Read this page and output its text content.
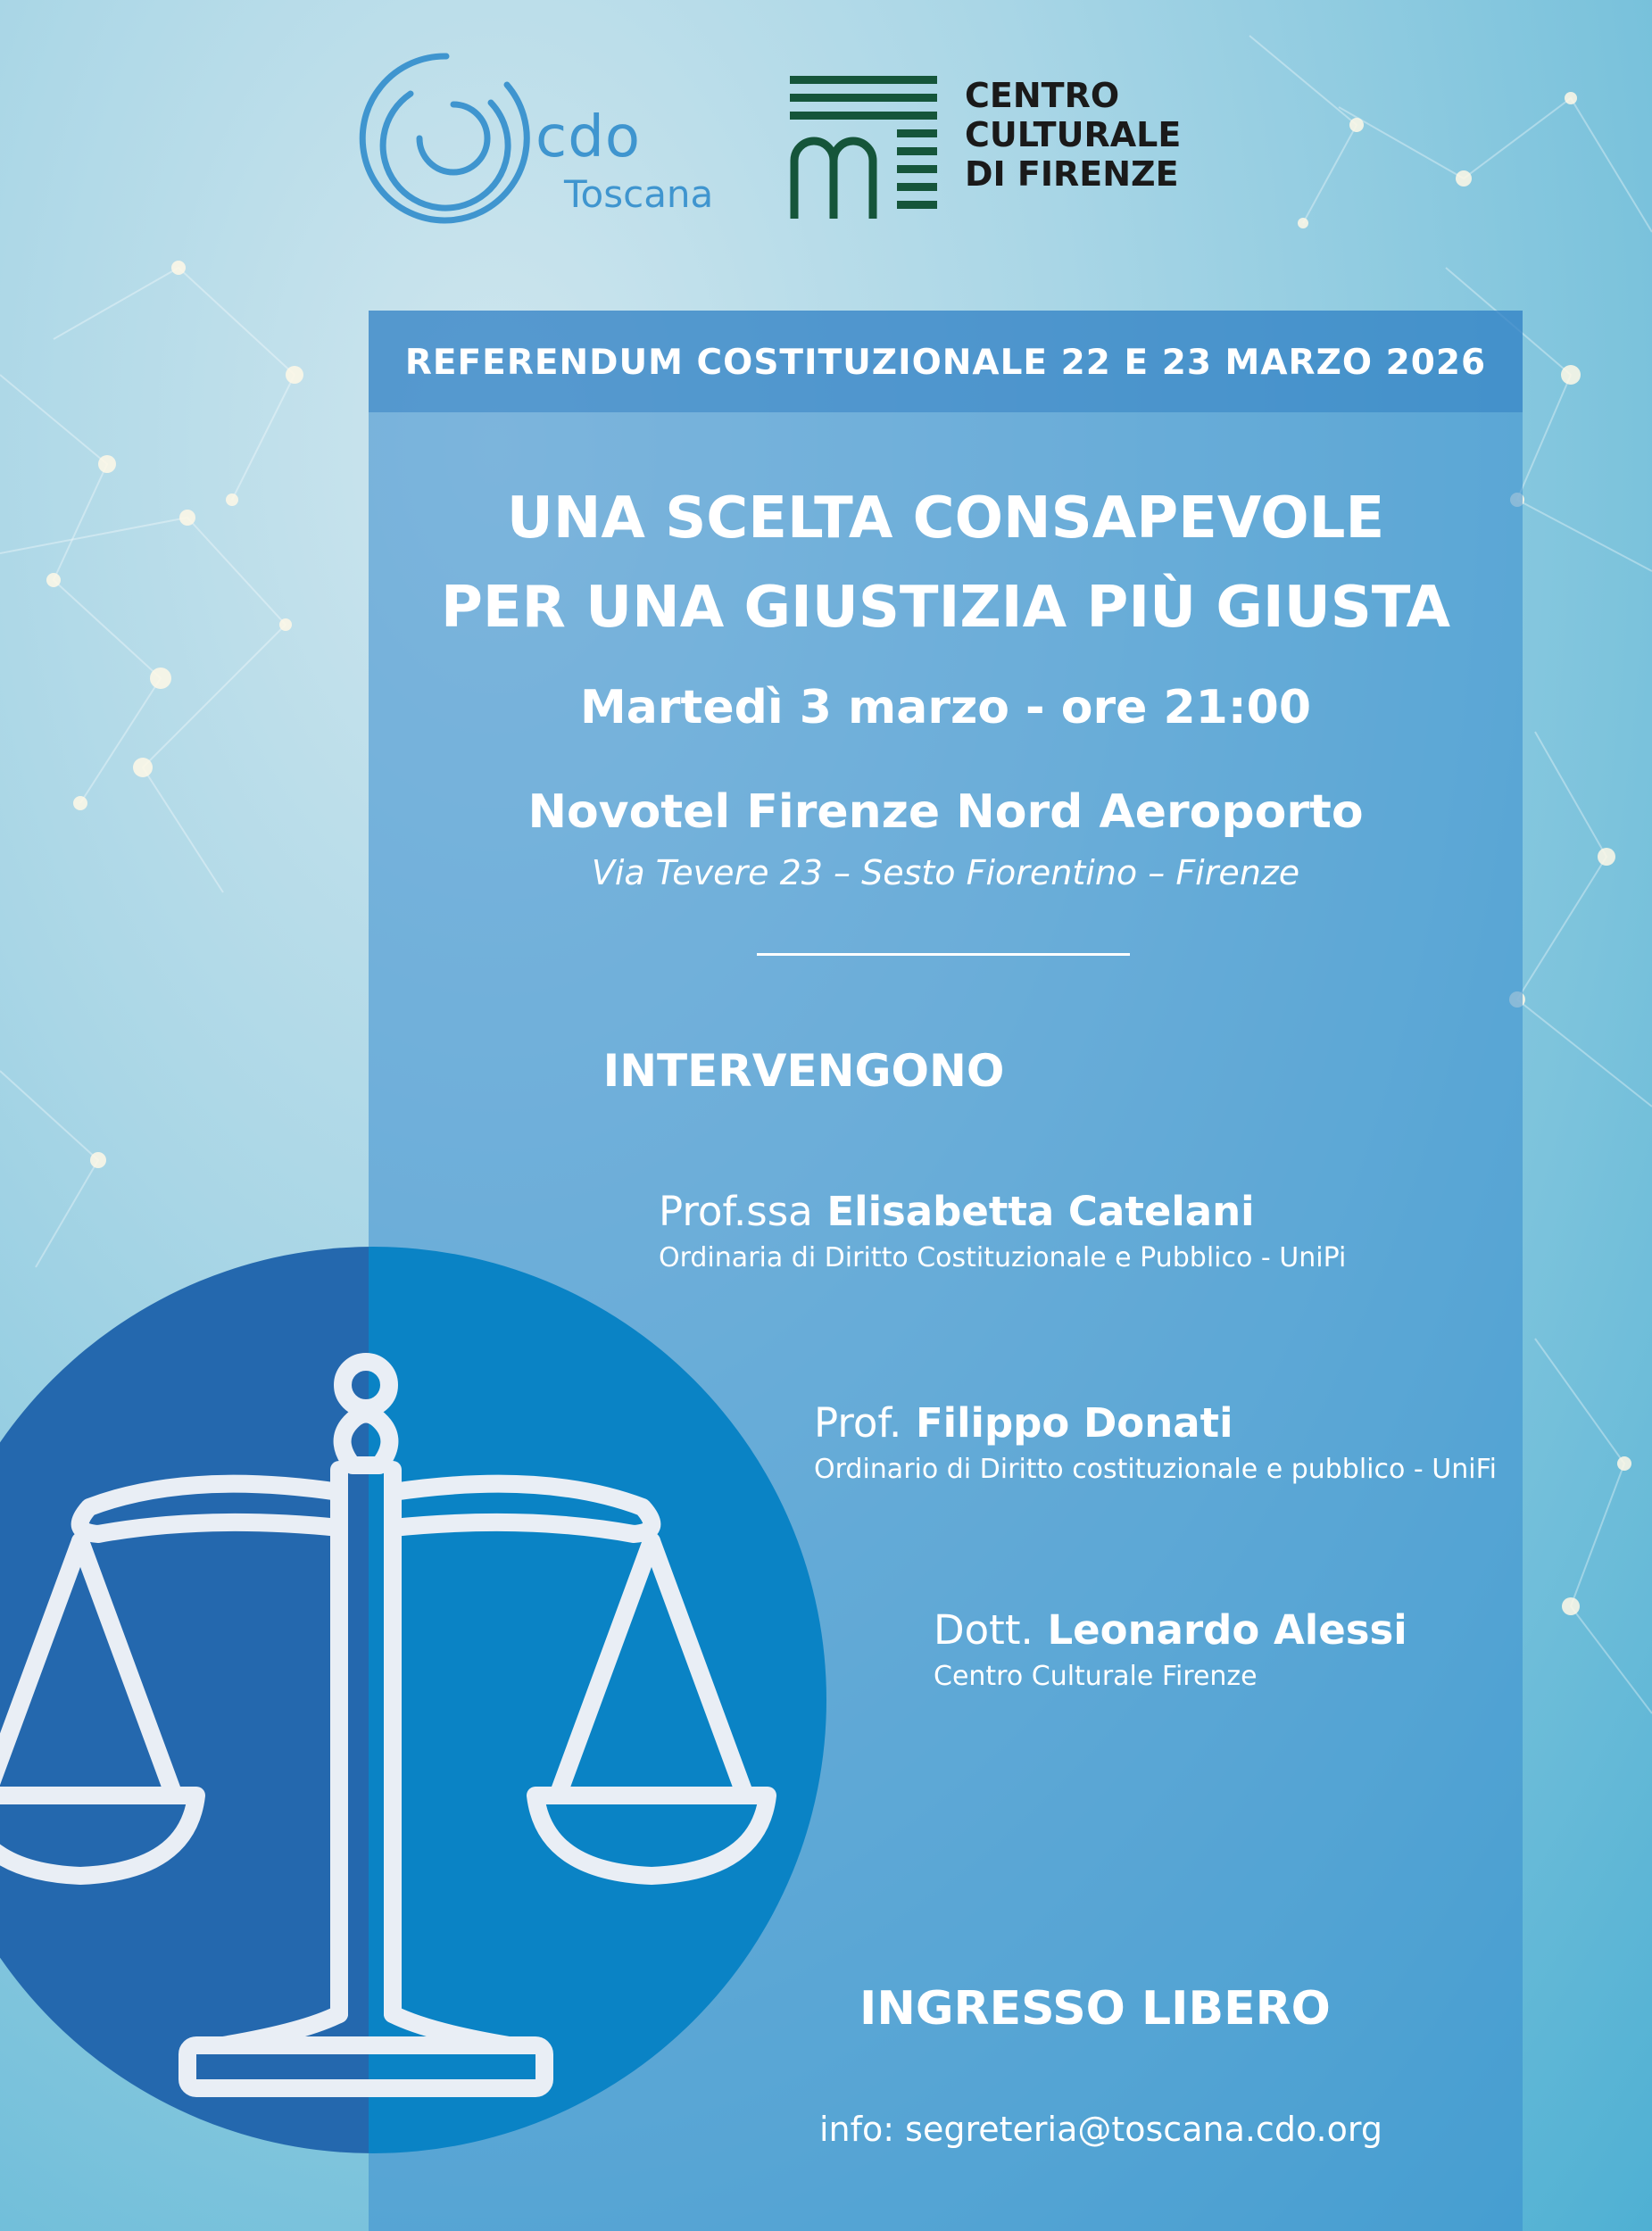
cdo
Toscana
CENTRO
CULTURALE
DI FIRENZE
REFERENDUM COSTITUZIONALE 22 E 23 MARZO 2026
UNA SCELTA CONSAPEVOLE
PER UNA GIUSTIZIA PIÙ GIUSTA
Martedì 3 marzo - ore 21:00
Novotel Firenze Nord Aeroporto
Via Tevere 23 – Sesto Fiorentino – Firenze
INTERVENGONO
Prof.ssa Elisabetta Catelani
Ordinaria di Diritto Costituzionale e Pubblico - UniPi
Prof. Filippo Donati
Ordinario di Diritto costituzionale e pubblico - UniFi
Dott. Leonardo Alessi
Centro Culturale Firenze
INGRESSO LIBERO
info: segreteria@toscana.cdo.org
